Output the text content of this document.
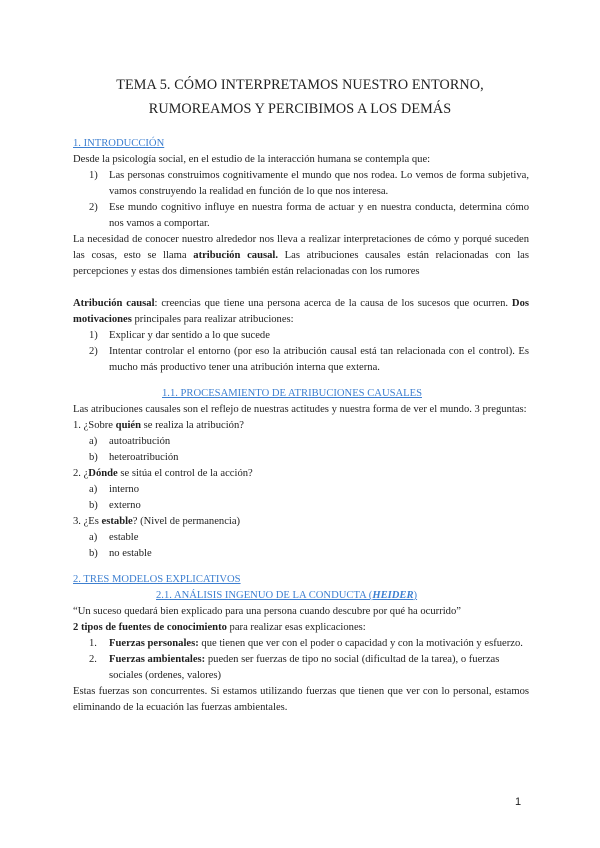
TEMA 5. CÓMO INTERPRETAMOS NUESTRO ENTORNO,
RUMOREAMOS Y PERCIBIMOS A LOS DEMÁS
1. INTRODUCCIÓN

Desde la psicología social, en el estudio de la interacción humana se contempla que:

1) Las personas construimos cognitivamente el mundo que nos rodea. Lo vemos de forma subjetiva, vamos construyendo la realidad en función de lo que nos interesa.
2) Ese mundo cognitivo influye en nuestra forma de actuar y en nuestra conducta, determina cómo nos vamos a comportar.

La necesidad de conocer nuestro alrededor nos lleva a realizar interpretaciones de cómo y porqué suceden las cosas, esto se llama atribución causal. Las atribuciones causales están relacionadas con las percepciones y estas dos dimensiones también están relacionadas con los rumores

Atribución causal: creencias que tiene una persona acerca de la causa de los sucesos que ocurren. Dos motivaciones principales para realizar atribuciones:

1) Explicar y dar sentido a lo que sucede
2) Intentar controlar el entorno (por eso la atribución causal está tan relacionada con el control). Es mucho más productivo tener una atribución interna que externa.
1.1. PROCESAMIENTO DE ATRIBUCIONES CAUSALES

Las atribuciones causales son el reflejo de nuestras actitudes y nuestra forma de ver el mundo. 3 preguntas:

1. ¿Sobre quién se realiza la atribución?

a) autoatribución
b) heteroatribución

2. ¿Dónde se sitúa el control de la acción?

a) interno
b) externo

3. ¿Es estable? (Nivel de permanencia)

a) estable
b) no estable
2. TRES MODELOS EXPLICATIVOS
2.1. ANÁLISIS INGENUO DE LA CONDUCTA (HEIDER)

“Un suceso quedará bien explicado para una persona cuando descubre por qué ha ocurrido”

2 tipos de fuentes de conocimiento para realizar esas explicaciones:

1. Fuerzas personales: que tienen que ver con el poder o capacidad y con la motivación y esfuerzo.
2. Fuerzas ambientales: pueden ser fuerzas de tipo no social (dificultad de la tarea), o fuerzas sociales (ordenes, valores)

Estas fuerzas son concurrentes. Si estamos utilizando fuerzas que tienen que ver con lo personal, estamos eliminando de la ecuación las fuerzas ambientales.

1
